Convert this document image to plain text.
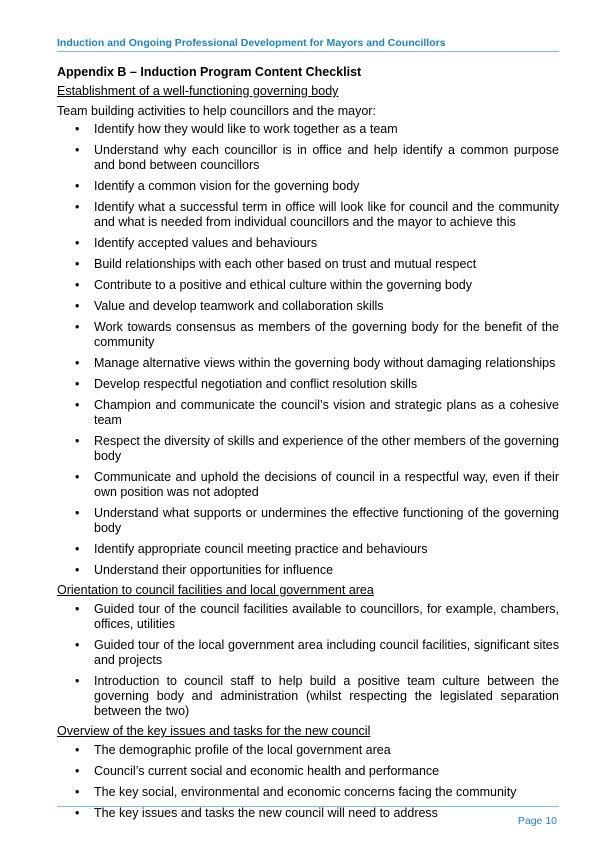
Induction and Ongoing Professional Development for Mayors and Councillors
Appendix B – Induction Program Content Checklist
Establishment of a well-functioning governing body
Team building activities to help councillors and the mayor:
• Identify how they would like to work together as a team
• Understand why each councillor is in office and help identify a common purpose and bond between councillors
• Identify a common vision for the governing body
• Identify what a successful term in office will look like for council and the community and what is needed from individual councillors and the mayor to achieve this
• Identify accepted values and behaviours
• Build relationships with each other based on trust and mutual respect
• Contribute to a positive and ethical culture within the governing body
• Value and develop teamwork and collaboration skills
• Work towards consensus as members of the governing body for the benefit of the community
• Manage alternative views within the governing body without damaging relationships
• Develop respectful negotiation and conflict resolution skills
• Champion and communicate the council’s vision and strategic plans as a cohesive team
• Respect the diversity of skills and experience of the other members of the governing body
• Communicate and uphold the decisions of council in a respectful way, even if their own position was not adopted
• Understand what supports or undermines the effective functioning of the governing body
• Identify appropriate council meeting practice and behaviours
• Understand their opportunities for influence
Orientation to council facilities and local government area
• Guided tour of the council facilities available to councillors, for example, chambers, offices, utilities
• Guided tour of the local government area including council facilities, significant sites and projects
• Introduction to council staff to help build a positive team culture between the governing body and administration (whilst respecting the legislated separation between the two)
Overview of the key issues and tasks for the new council
• The demographic profile of the local government area
• Council’s current social and economic health and performance
• The key social, environmental and economic concerns facing the community
• The key issues and tasks the new council will need to address
Page 10
